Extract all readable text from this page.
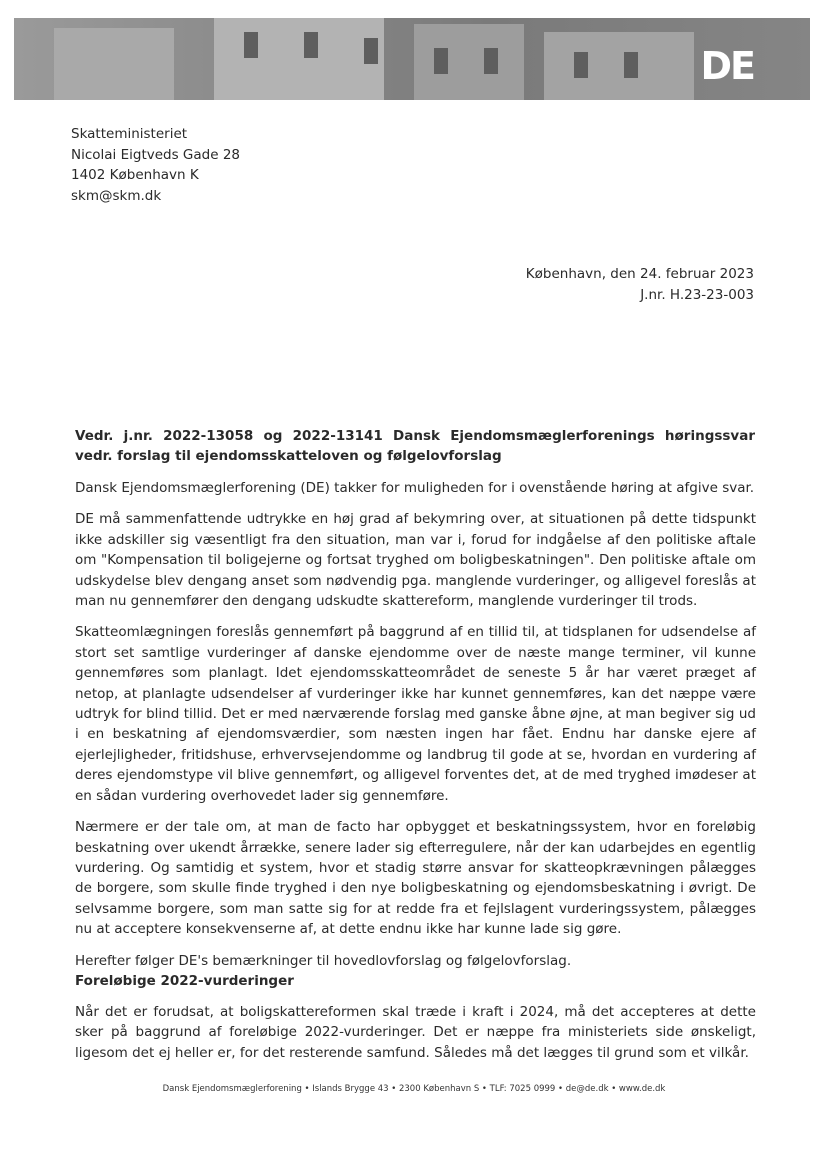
DE
Skatteministeriet
Nicolai Eigtveds Gade 28
1402 København K
skm@skm.dk
København, den 24. februar 2023
J.nr. H.23-23-003
Vedr. j.nr. 2022-13058 og 2022-13141 Dansk Ejendomsmæglerforenings høringssvar vedr. forslag til ejendomsskatteloven og følgelovforslag

Dansk Ejendomsmæglerforening (DE) takker for muligheden for i ovenstående høring at afgive svar.

DE må sammenfattende udtrykke en høj grad af bekymring over, at situationen på dette tidspunkt ikke adskiller sig væsentligt fra den situation, man var i, forud for indgåelse af den politiske aftale om "Kompensation til boligejerne og fortsat tryghed om boligbeskatningen". Den politiske aftale om udskydelse blev dengang anset som nødvendig pga. manglende vurderinger, og alligevel foreslås at man nu gennemfører den dengang udskudte skattereform, manglende vurderinger til trods.

Skatteomlægningen foreslås gennemført på baggrund af en tillid til, at tidsplanen for udsendelse af stort set samtlige vurderinger af danske ejendomme over de næste mange terminer, vil kunne gennemføres som planlagt. Idet ejendomsskatteområdet de seneste 5 år har været præget af netop, at planlagte udsendelser af vurderinger ikke har kunnet gennemføres, kan det næppe være udtryk for blind tillid. Det er med nærværende forslag med ganske åbne øjne, at man begiver sig ud i en beskatning af ejendomsværdier, som næsten ingen har fået. Endnu har danske ejere af ejerlejligheder, fritidshuse, erhvervsejendomme og landbrug til gode at se, hvordan en vurdering af deres ejendomstype vil blive gennemført, og alligevel forventes det, at de med tryghed imødeser at en sådan vurdering overhovedet lader sig gennemføre.

Nærmere er der tale om, at man de facto har opbygget et beskatningssystem, hvor en foreløbig beskatning over ukendt årrække, senere lader sig efterregulere, når der kan udarbejdes en egentlig vurdering. Og samtidig et system, hvor et stadig større ansvar for skatteopkrævningen pålægges de borgere, som skulle finde tryghed i den nye boligbeskatning og ejendomsbeskatning i øvrigt. De selvsamme borgere, som man satte sig for at redde fra et fejlslagent vurderingssystem, pålægges nu at acceptere konsekvenserne af, at dette endnu ikke har kunne lade sig gøre.

Herefter følger DE's bemærkninger til hovedlovforslag og følgelovforslag.

Foreløbige 2022-vurderinger
Når det er forudsat, at boligskattereformen skal træde i kraft i 2024, må det accepteres at dette sker på baggrund af foreløbige 2022-vurderinger. Det er næppe fra ministeriets side ønskeligt, ligesom det ej heller er, for det resterende samfund. Således må det lægges til grund som et vilkår.
Dansk Ejendomsmæglerforening • Islands Brygge 43 • 2300 København S • TLF: 7025 0999 • de@de.dk • www.de.dk
